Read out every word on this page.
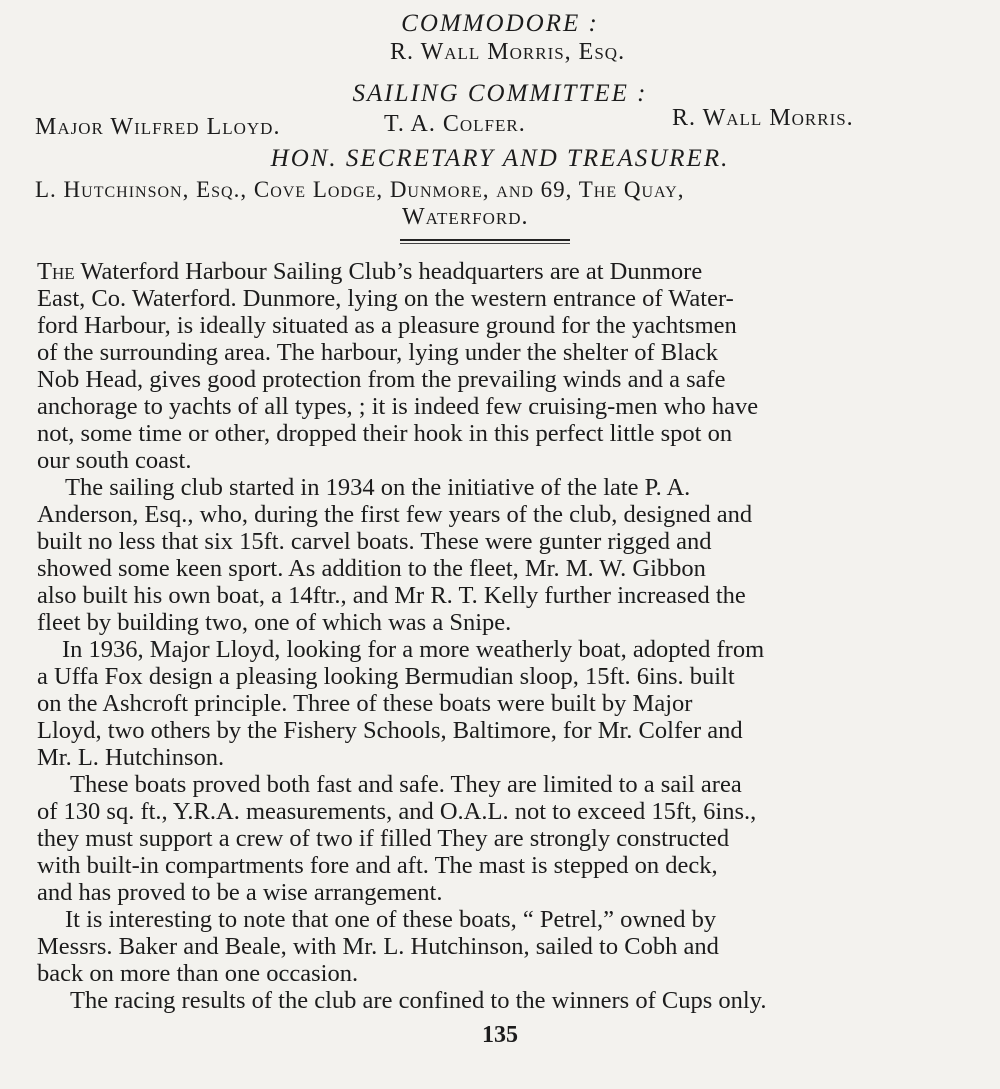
COMMODORE :
R. Wall Morris, Esq.
SAILING COMMITTEE :
Major Wilfred Lloyd.	T. A. Colfer.	R. Wall Morris.
HON. SECRETARY AND TREASURER.
L. Hutchinson, Esq., Cove Lodge, Dunmore, and 69, The Quay,
Waterford.
The Waterford Harbour Sailing Club’s headquarters are at Dunmore
East, Co. Waterford. Dunmore, lying on the western entrance of Water-
ford Harbour, is ideally situated as a pleasure ground for the yachtsmen
of the surrounding area. The harbour, lying under the shelter of Black
Nob Head, gives good protection from the prevailing winds and a safe
anchorage to yachts of all types, ; it is indeed few cruising-men who have
not, some time or other, dropped their hook in this perfect little spot on
our south coast.
The sailing club started in 1934 on the initiative of the late P. A.
Anderson, Esq., who, during the first few years of the club, designed and
built no less that six 15ft. carvel boats. These were gunter rigged and
showed some keen sport. As addition to the fleet, Mr. M. W. Gibbon
also built his own boat, a 14ftr., and Mr R. T. Kelly further increased the
fleet by building two, one of which was a Snipe.
In 1936, Major Lloyd, looking for a more weatherly boat, adopted from
a Uffa Fox design a pleasing looking Bermudian sloop, 15ft. 6ins. built
on the Ashcroft principle. Three of these boats were built by Major
Lloyd, two others by the Fishery Schools, Baltimore, for Mr. Colfer and
Mr. L. Hutchinson.
These boats proved both fast and safe. They are limited to a sail area
of 130 sq. ft., Y.R.A. measurements, and O.A.L. not to exceed 15ft, 6ins.,
they must support a crew of two if filled They are strongly constructed
with built-in compartments fore and aft. The mast is stepped on deck,
and has proved to be a wise arrangement.
It is interesting to note that one of these boats, “ Petrel,” owned by
Messrs. Baker and Beale, with Mr. L. Hutchinson, sailed to Cobh and
back on more than one occasion.
The racing results of the club are confined to the winners of Cups only.
135
